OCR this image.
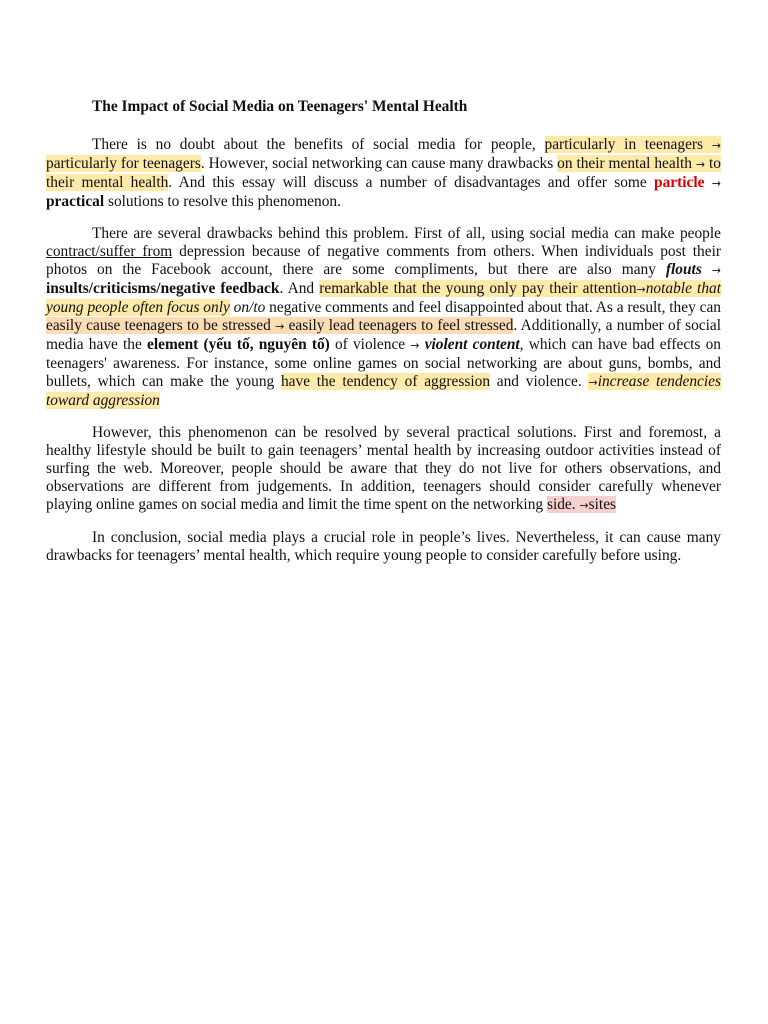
The Impact of Social Media on Teenagers' Mental Health

There is no doubt about the benefits of social media for people, particularly in teenagers → particularly for teenagers. However, social networking can cause many drawbacks on their mental health → to their mental health. And this essay will discuss a number of disadvantages and offer some particle → practical solutions to resolve this phenomenon.

There are several drawbacks behind this problem. First of all, using social media can make people contract/suffer from depression because of negative comments from others. When individuals post their photos on the Facebook account, there are some compliments, but there are also many flouts → insults/criticisms/negative feedback. And remarkable that the young only pay their attention→notable that young people often focus only on/to negative comments and feel disappointed about that. As a result, they can easily cause teenagers to be stressed → easily lead teenagers to feel stressed. Additionally, a number of social media have the element (yếu tố, nguyên tố) of violence → violent content, which can have bad effects on teenagers' awareness. For instance, some online games on social networking are about guns, bombs, and bullets, which can make the young have the tendency of aggression and violence. →increase tendencies toward aggression

However, this phenomenon can be resolved by several practical solutions. First and foremost, a healthy lifestyle should be built to gain teenagers’ mental health by increasing outdoor activities instead of surfing the web. Moreover, people should be aware that they do not live for others observations, and observations are different from judgements. In addition, teenagers should consider carefully whenever playing online games on social media and limit the time spent on the networking side. →sites

In conclusion, social media plays a crucial role in people’s lives. Nevertheless, it can cause many drawbacks for teenagers’ mental health, which require young people to consider carefully before using.
